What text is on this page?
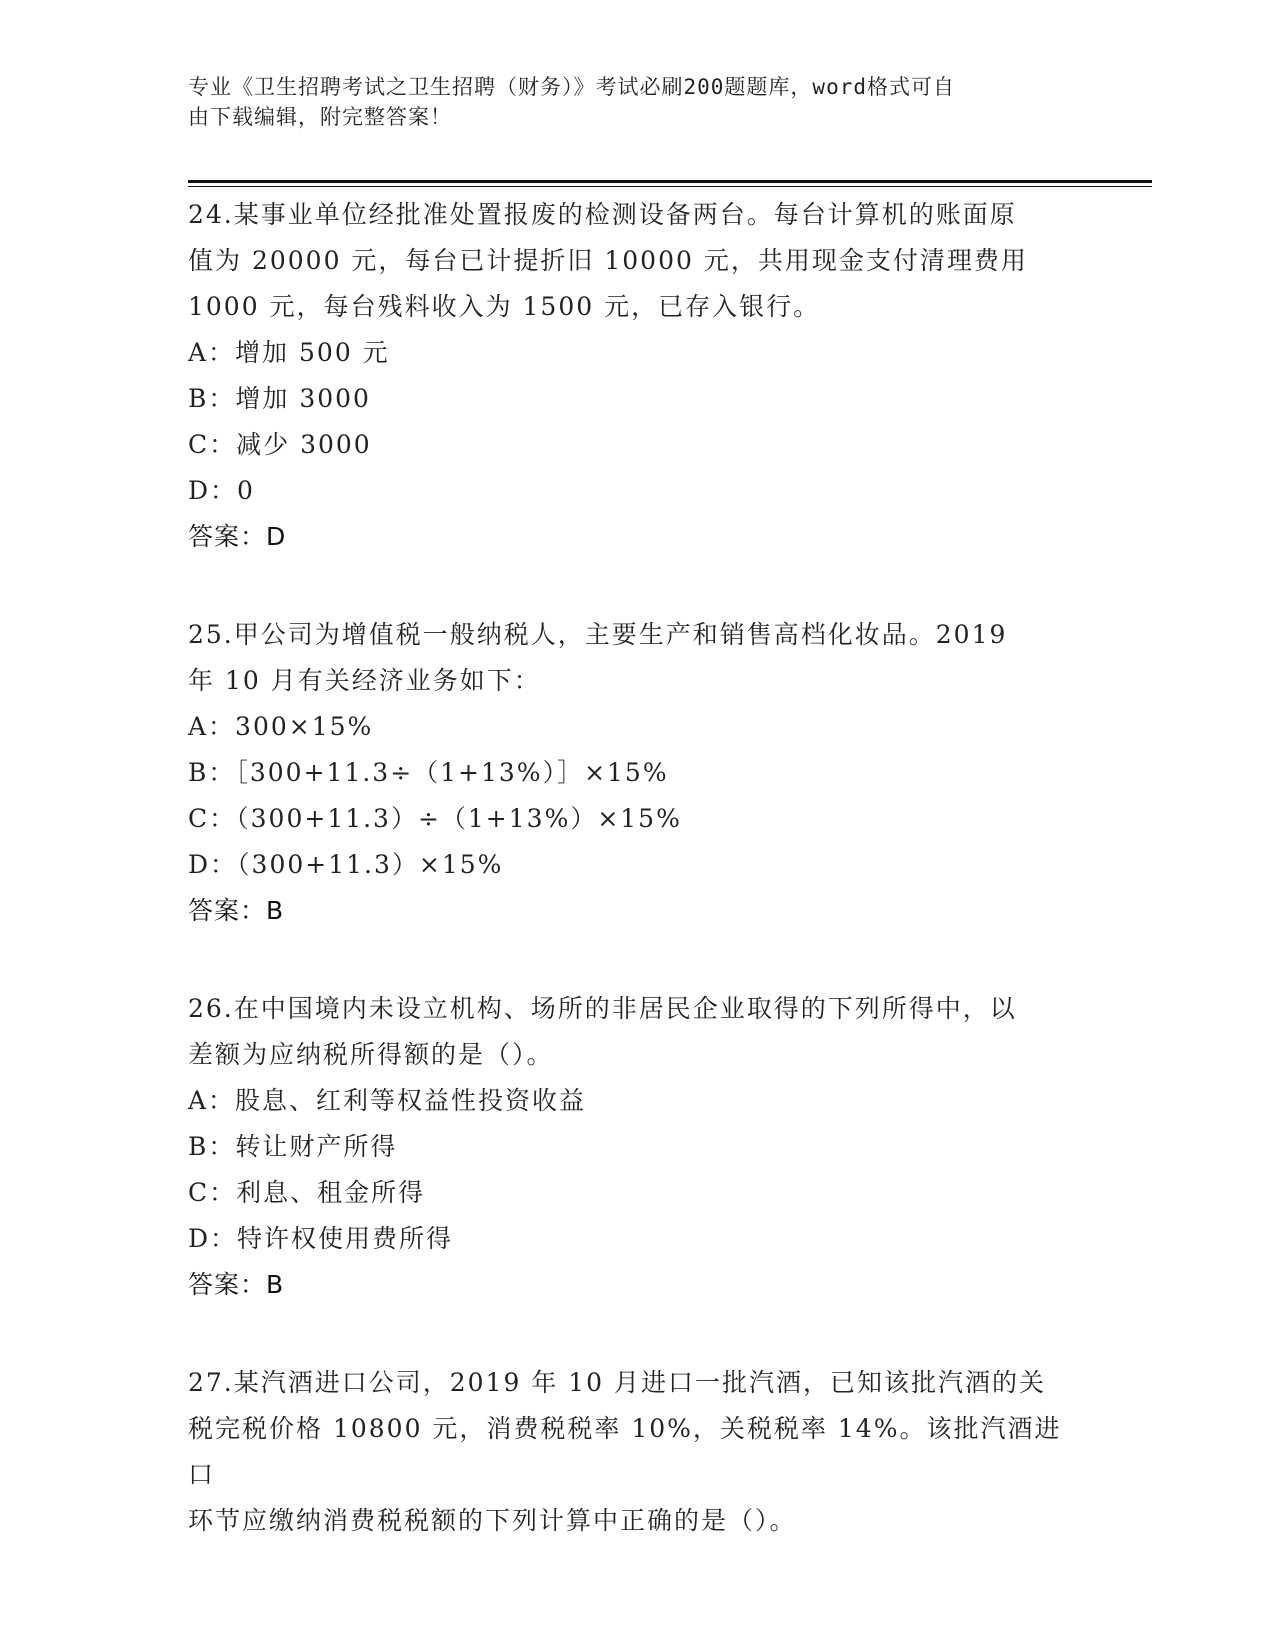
专业《卫生招聘考试之卫生招聘（财务）》考试必刷200题题库，word格式可自
由下载编辑，附完整答案！

24.某事业单位经批准处置报废的检测设备两台。每台计算机的账面原

值为 20000 元，每台已计提折旧 10000 元，共用现金支付清理费用

1000 元，每台残料收入为 1500 元，已存入银行。

A：增加 500 元

B：增加 3000

C：减少 3000

D：0

答案：D

25.甲公司为增值税一般纳税人，主要生产和销售高档化妆品。2019

年 10 月有关经济业务如下：

A：300×15%

B：［300+11.3÷（1+13%）］×15%

C：（300+11.3）÷（1+13%）×15%

D：（300+11.3）×15%

答案：B

26.在中国境内未设立机构、场所的非居民企业取得的下列所得中，以

差额为应纳税所得额的是（）。

A：股息、红利等权益性投资收益

B：转让财产所得

C：利息、租金所得

D：特许权使用费所得

答案：B

27.某汽酒进口公司，2019 年 10 月进口一批汽酒，已知该批汽酒的关

税完税价格 10800 元，消费税税率 10%，关税税率 14%。该批汽酒进口

环节应缴纳消费税税额的下列计算中正确的是（）。
